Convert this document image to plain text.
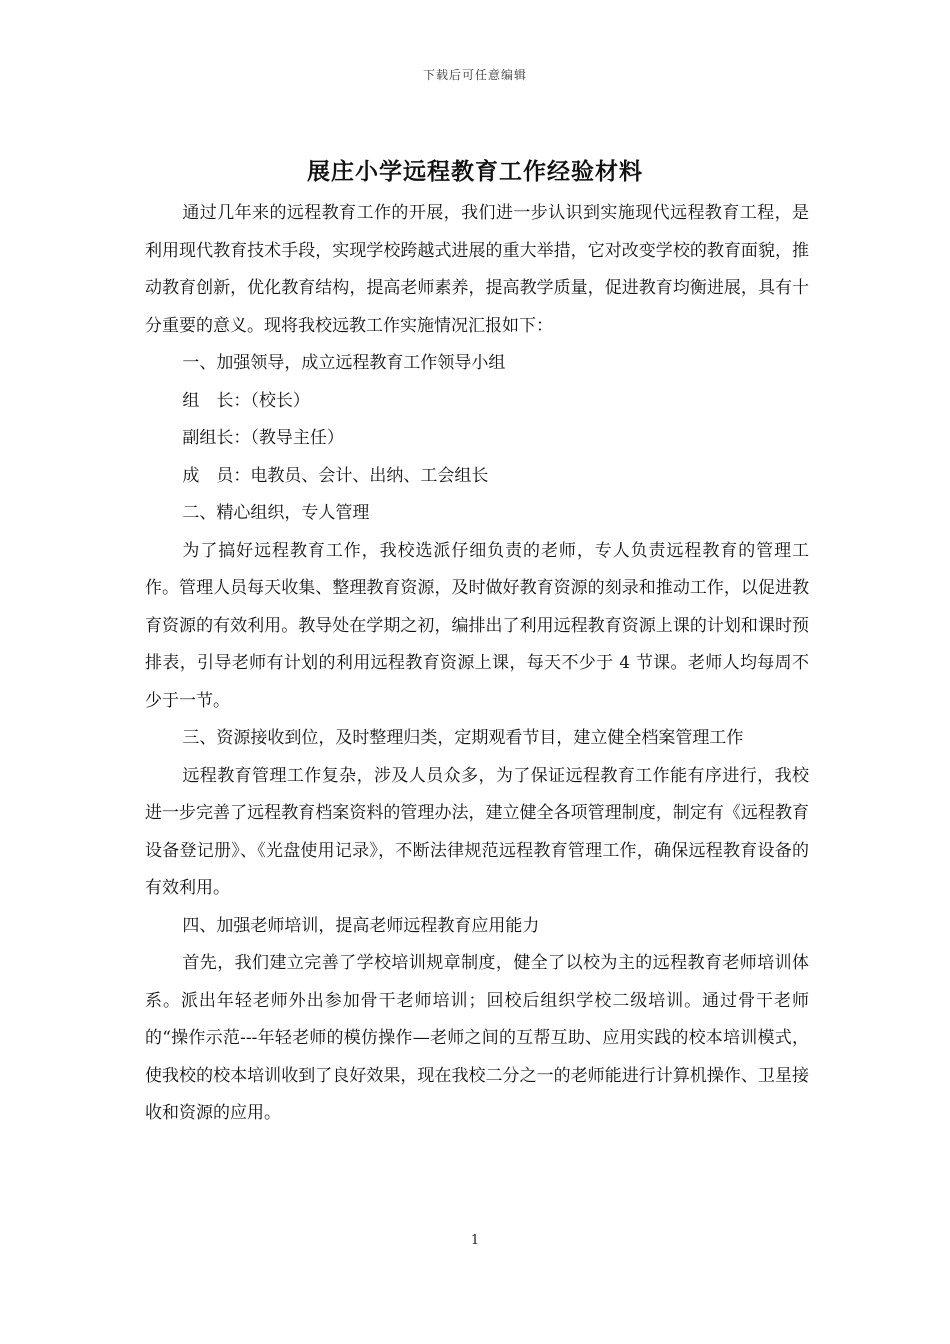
下载后可任意编辑
展庄小学远程教育工作经验材料

通过几年来的远程教育工作的开展，我们进一步认识到实施现代远程教育工程，是利用现代教育技术手段，实现学校跨越式进展的重大举措，它对改变学校的教育面貌，推动教育创新，优化教育结构，提高老师素养，提高教学质量，促进教育均衡进展，具有十分重要的意义。现将我校远教工作实施情况汇报如下：

一、加强领导，成立远程教育工作领导小组

组　长：（校长）

副组长：（教导主任）

成　员：电教员、会计、出纳、工会组长

二、精心组织，专人管理

为了搞好远程教育工作，我校选派仔细负责的老师，专人负责远程教育的管理工作。管理人员每天收集、整理教育资源，及时做好教育资源的刻录和推动工作，以促进教育资源的有效利用。教导处在学期之初，编排出了利用远程教育资源上课的计划和课时预排表，引导老师有计划的利用远程教育资源上课，每天不少于 4 节课。老师人均每周不少于一节。

三、资源接收到位，及时整理归类，定期观看节目，建立健全档案管理工作

远程教育管理工作复杂，涉及人员众多，为了保证远程教育工作能有序进行，我校进一步完善了远程教育档案资料的管理办法，建立健全各项管理制度，制定有《远程教育设备登记册》、《光盘使用记录》，不断法律规范远程教育管理工作，确保远程教育设备的有效利用。

四、加强老师培训，提高老师远程教育应用能力

首先，我们建立完善了学校培训规章制度，健全了以校为主的远程教育老师培训体系。派出年轻老师外出参加骨干老师培训；回校后组织学校二级培训。通过骨干老师的“操作示范---年轻老师的模仿操作—老师之间的互帮互助、应用实践的校本培训模式，使我校的校本培训收到了良好效果，现在我校二分之一的老师能进行计算机操作、卫星接收和资源的应用。

1
